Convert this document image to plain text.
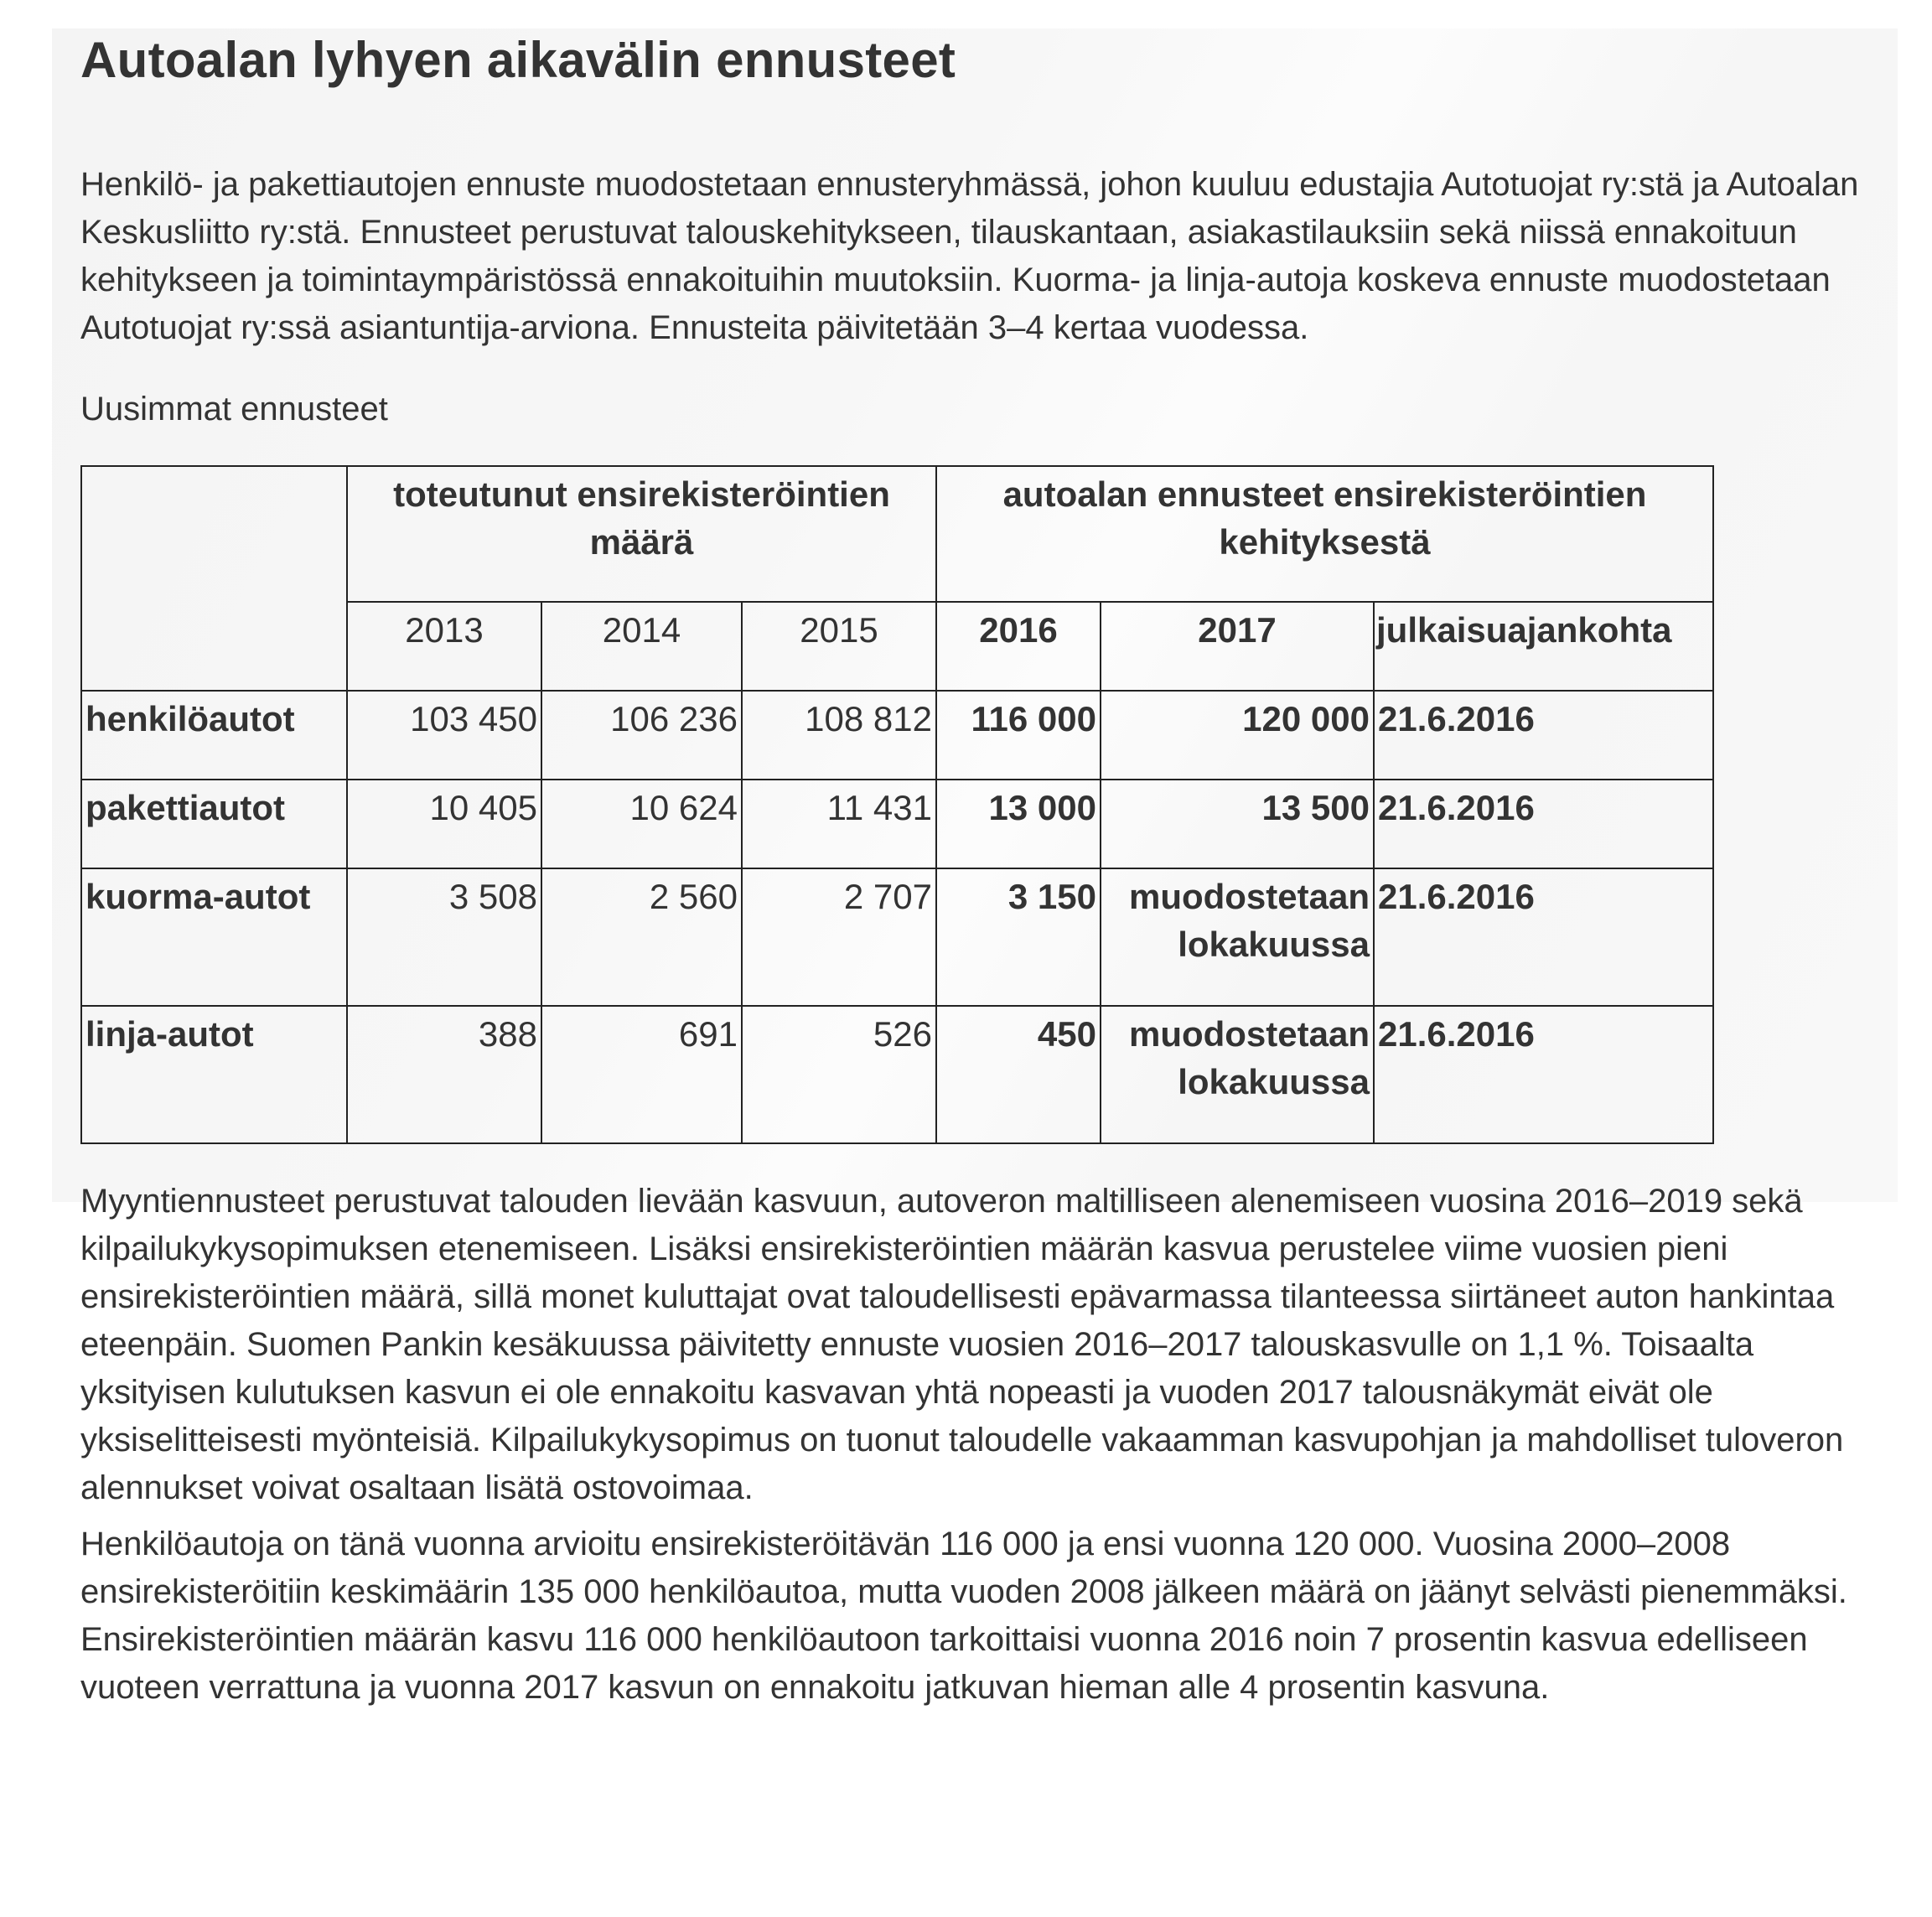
Autoalan lyhyen aikavälin ennusteet

Henkilö- ja pakettiautojen ennuste muodostetaan ennusteryhmässä, johon kuuluu edustajia Autotuojat ry:stä ja Autoalan Keskusliitto ry:stä. Ennusteet perustuvat talouskehitykseen, tilauskantaan, asiakastilauksiin sekä niissä ennakoituun kehitykseen ja toimintaympäristössä ennakoituihin muutoksiin. Kuorma- ja linja-autoja koskeva ennuste muodostetaan Autotuojat ry:ssä asiantuntija-arviona. Ennusteita päivitetään 3–4 kertaa vuodessa.

Uusimmat ennusteet

	toteutunut ensirekisteröintien määrä			autoalan ennusteet ensirekisteröintien kehityksestä		
	2013	2014	2015	2016	2017	julkaisuajankohta
henkilöautot	103 450	106 236	108 812	116 000	120 000	21.6.2016
pakettiautot	10 405	10 624	11 431	13 000	13 500	21.6.2016
kuorma-autot	3 508	2 560	2 707	3 150	muodostetaan lokakuussa	21.6.2016
linja-autot	388	691	526	450	muodostetaan lokakuussa	21.6.2016

Myyntiennusteet perustuvat talouden lievään kasvuun, autoveron maltilliseen alenemiseen vuosina 2016–2019 sekä kilpailukykysopimuksen etenemiseen. Lisäksi ensirekisteröintien määrän kasvua perustelee viime vuosien pieni ensirekisteröintien määrä, sillä monet kuluttajat ovat taloudellisesti epävarmassa tilanteessa siirtäneet auton hankintaa eteenpäin. Suomen Pankin kesäkuussa päivitetty ennuste vuosien 2016–2017 talouskasvulle on 1,1 %. Toisaalta yksityisen kulutuksen kasvun ei ole ennakoitu kasvavan yhtä nopeasti ja vuoden 2017 talousnäkymät eivät ole yksiselitteisesti myönteisiä. Kilpailukykysopimus on tuonut taloudelle vakaamman kasvupohjan ja mahdolliset tuloveron alennukset voivat osaltaan lisätä ostovoimaa.

Henkilöautoja on tänä vuonna arvioitu ensirekisteröitävän 116 000 ja ensi vuonna 120 000. Vuosina 2000–2008 ensirekisteröitiin keskimäärin 135 000 henkilöautoa, mutta vuoden 2008 jälkeen määrä on jäänyt selvästi pienemmäksi. Ensirekisteröintien määrän kasvu 116 000 henkilöautoon tarkoittaisi vuonna 2016 noin 7 prosentin kasvua edelliseen vuoteen verrattuna ja vuonna 2017 kasvun on ennakoitu jatkuvan hieman alle 4 prosentin kasvuna.
